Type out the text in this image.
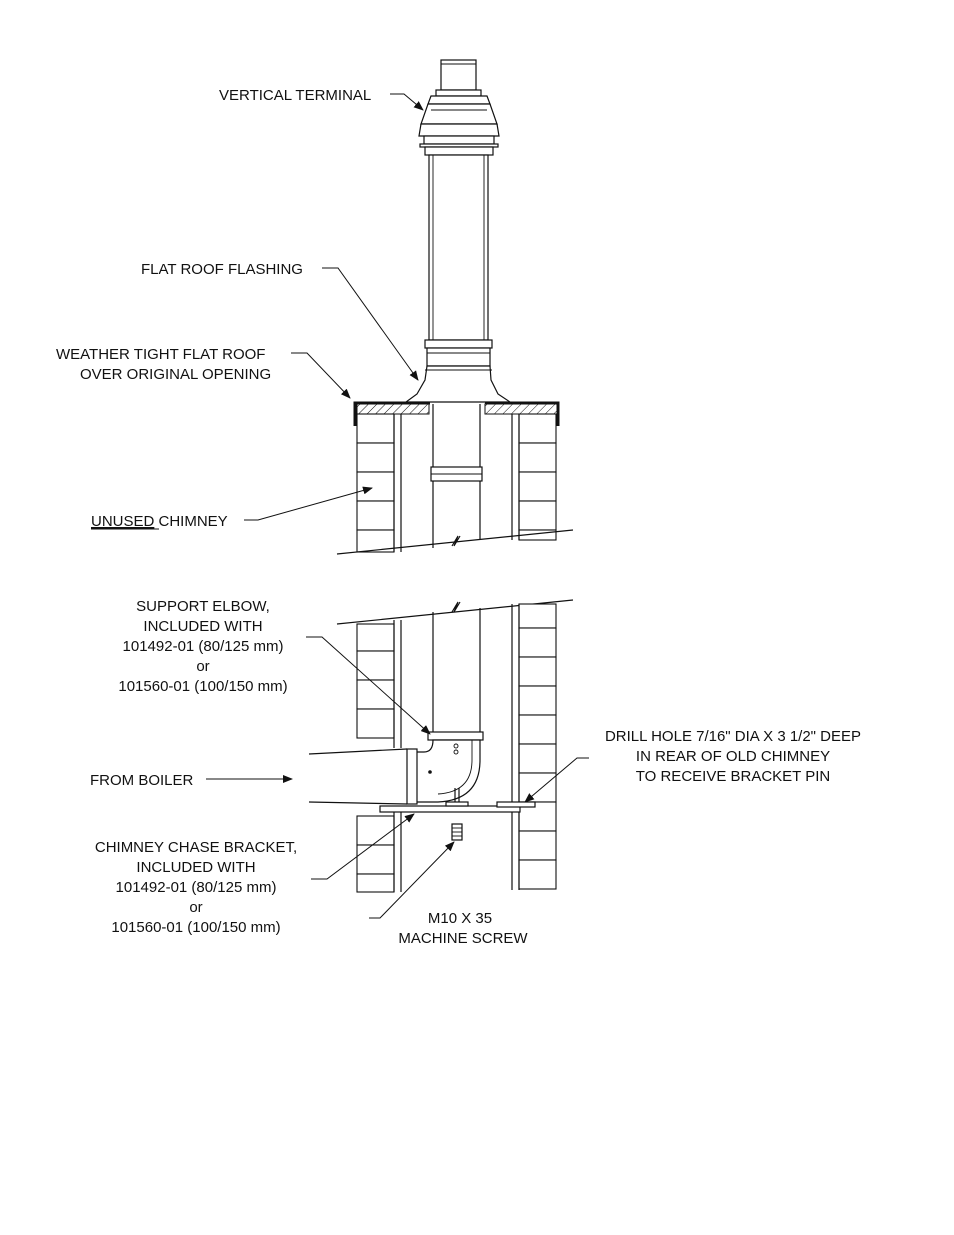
VERTICAL TERMINAL
FLAT ROOF FLASHING
WEATHER TIGHT FLAT ROOF
OVER ORIGINAL OPENING
UNUSED CHIMNEY
SUPPORT ELBOW,
INCLUDED WITH
101492-01 (80/125 mm)
or
101560-01 (100/150 mm)
FROM BOILER
DRILL HOLE 7/16" DIA X 3 1/2" DEEP
IN REAR OF OLD CHIMNEY
TO RECEIVE BRACKET PIN
CHIMNEY CHASE BRACKET,
INCLUDED WITH
101492-01 (80/125 mm)
or
101560-01 (100/150 mm)
M10 X 35
MACHINE SCREW
